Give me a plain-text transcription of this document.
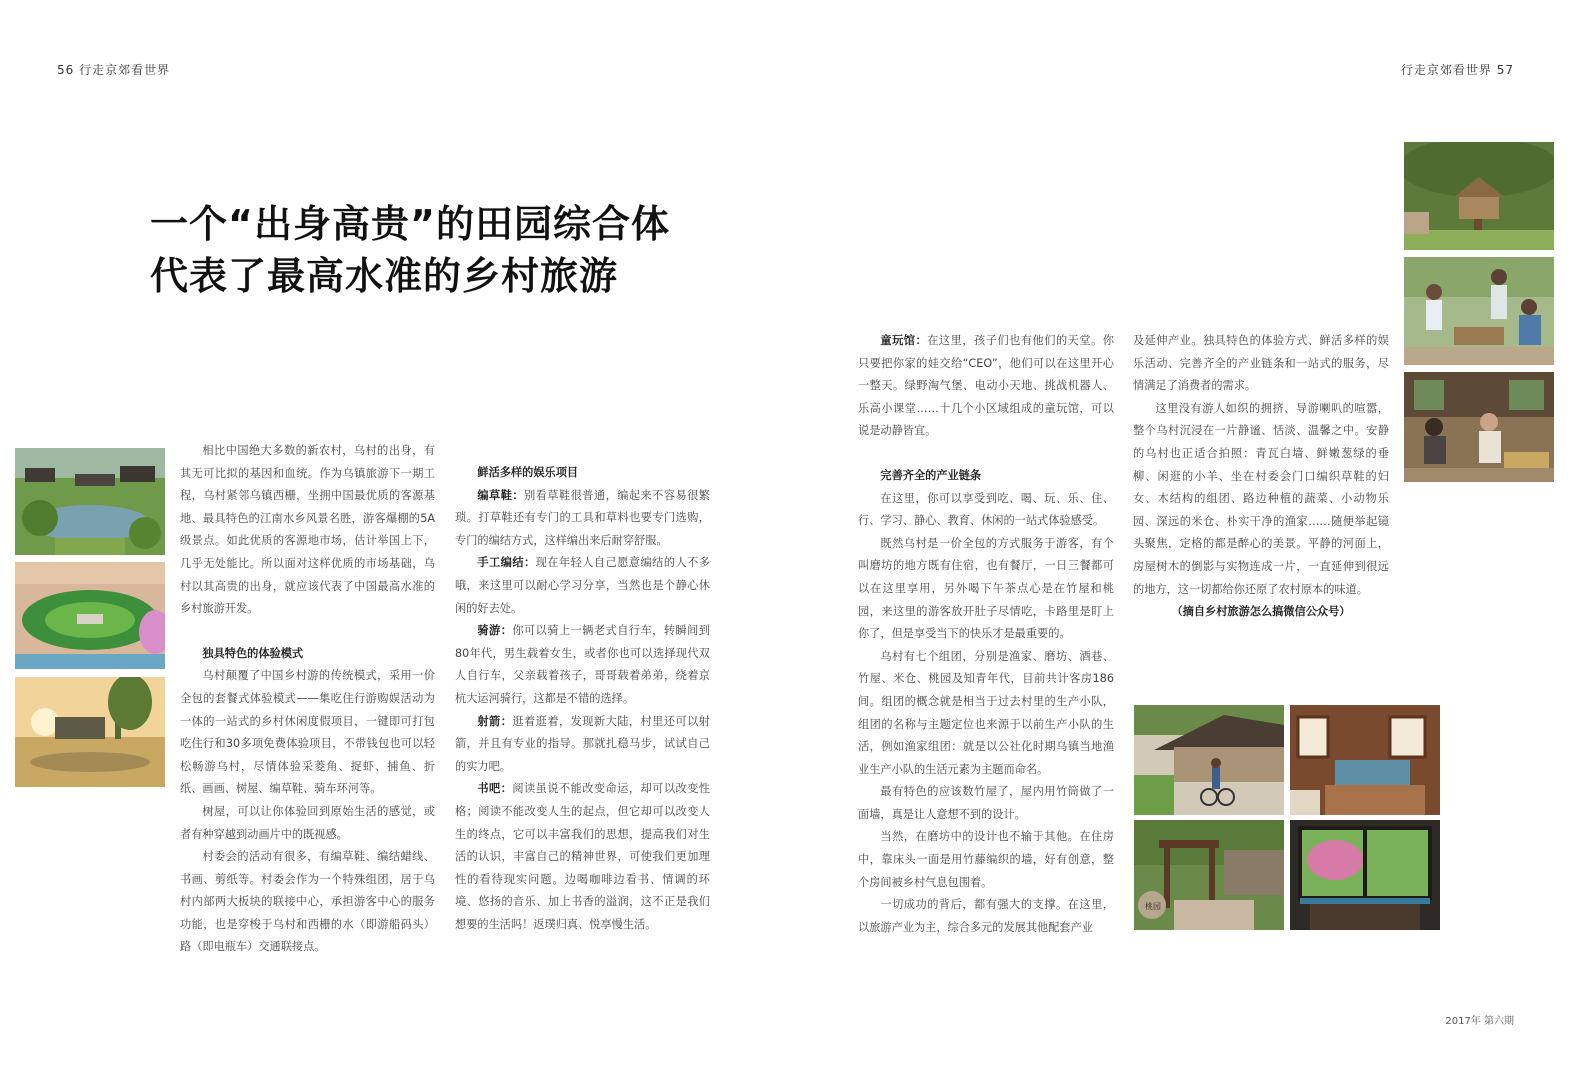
56 行走京郊看世界	行走京郊看世界 57
2017年 第六期
一个“出身高贵”的田园综合体
代表了最高水准的乡村旅游

相比中国绝大多数的新农村，乌村的出身，有其无可比拟的基因和血统。作为乌镇旅游下一期工程，乌村紧邻乌镇西栅，坐拥中国最优质的客源基地、最具特色的江南水乡风景名胜，游客爆棚的5A级景点。如此优质的客源地市场，估计举国上下，几乎无处能比。所以面对这样优质的市场基础，乌村以其高贵的出身，就应该代表了中国最高水准的乡村旅游开发。

独具特色的体验模式

乌村颠覆了中国乡村游的传统模式，采用一价全包的套餐式体验模式——集吃住行游购娱活动为一体的一站式的乡村休闲度假项目，一键即可打包吃住行和30多项免费体验项目，不带钱包也可以轻松畅游乌村，尽情体验采菱角、捉虾、捕鱼、折纸、画画、树屋、编草鞋、骑车环河等。

树屋，可以让你体验回到原始生活的感觉，或者有种穿越到动画片中的既视感。

村委会的活动有很多，有编草鞋、编结蜡线、书画、剪纸等。村委会作为一个特殊组团，居于乌村内部两大板块的联接中心，承担游客中心的服务功能，也是穿梭于乌村和西栅的水（即游船码头）路（即电瓶车）交通联接点。

鲜活多样的娱乐项目

编草鞋：别看草鞋很普通，编起来不容易很繁琐。打草鞋还有专门的工具和草料也要专门选购，专门的编结方式，这样编出来后耐穿舒服。

手工编结：现在年轻人自己愿意编结的人不多哦，来这里可以耐心学习分享，当然也是个静心休闲的好去处。

骑游：你可以骑上一辆老式自行车，转瞬间到80年代，男生载着女生，或者你也可以选择现代双人自行车，父亲载着孩子，哥哥载着弟弟，绕着京杭大运河骑行，这都是不错的选择。

射箭：逛着逛着，发现新大陆，村里还可以射箭，并且有专业的指导。那就扎稳马步，试试自己的实力吧。

书吧：阅读虽说不能改变命运，却可以改变性格；阅读不能改变人生的起点，但它却可以改变人生的终点，它可以丰富我们的思想，提高我们对生活的认识，丰富自己的精神世界，可使我们更加理性的看待现实问题。边喝咖啡边看书、情调的环境、悠扬的音乐、加上书香的溢润，这不正是我们想要的生活吗！返璞归真、悦享慢生活。

童玩馆：在这里，孩子们也有他们的天堂。你只要把你家的娃交给“CEO”，他们可以在这里开心一整天。绿野淘气堡、电动小天地、挑战机器人、乐高小课堂……十几个小区域组成的童玩馆，可以说是动静皆宜。

完善齐全的产业链条

在这里，你可以享受到吃、喝、玩、乐、住、行、学习、静心、教育、休闲的一站式体验感受。

既然乌村是一价全包的方式服务于游客，有个叫磨坊的地方既有住宿，也有餐厅，一日三餐都可以在这里享用，另外喝下午茶点心是在竹屋和桃园，来这里的游客放开肚子尽情吃，卡路里是盯上你了，但是享受当下的快乐才是最重要的。

乌村有七个组团，分别是渔家、磨坊、酒巷、竹屋、米仓、桃园及知青年代，目前共计客房186间。组团的概念就是相当于过去村里的生产小队，组团的名称与主题定位也来源于以前生产小队的生活，例如渔家组团：就是以公社化时期乌镇当地渔业生产小队的生活元素为主题而命名。

最有特色的应该数竹屋了，屋内用竹筒做了一面墙，真是让人意想不到的设计。

当然，在磨坊中的设计也不输于其他。在住房中，靠床头一面是用竹藤编织的墙，好有创意，整个房间被乡村气息包围着。

一切成功的背后，都有强大的支撑。在这里，以旅游产业为主，综合多元的发展其他配套产业

及延伸产业。独具特色的体验方式、鲜活多样的娱乐活动、完善齐全的产业链条和一站式的服务，尽情满足了消费者的需求。

这里没有游人如织的拥挤、导游喇叭的喧嚣，整个乌村沉浸在一片静谧、恬淡、温馨之中。安静的乌村也正适合拍照：青瓦白墙、鲜嫩葱绿的垂柳、闲逛的小羊、坐在村委会门口编织草鞋的妇女、木结构的组团、路边种植的蔬菜、小动物乐园、深远的米仓、朴实干净的渔家……随便举起镜头聚焦，定格的都是醉心的美景。平静的河面上，房屋树木的倒影与实物连成一片，一直延伸到很远的地方，这一切都给你还原了农村原本的味道。

（摘自乡村旅游怎么搞微信公众号）

桃园
